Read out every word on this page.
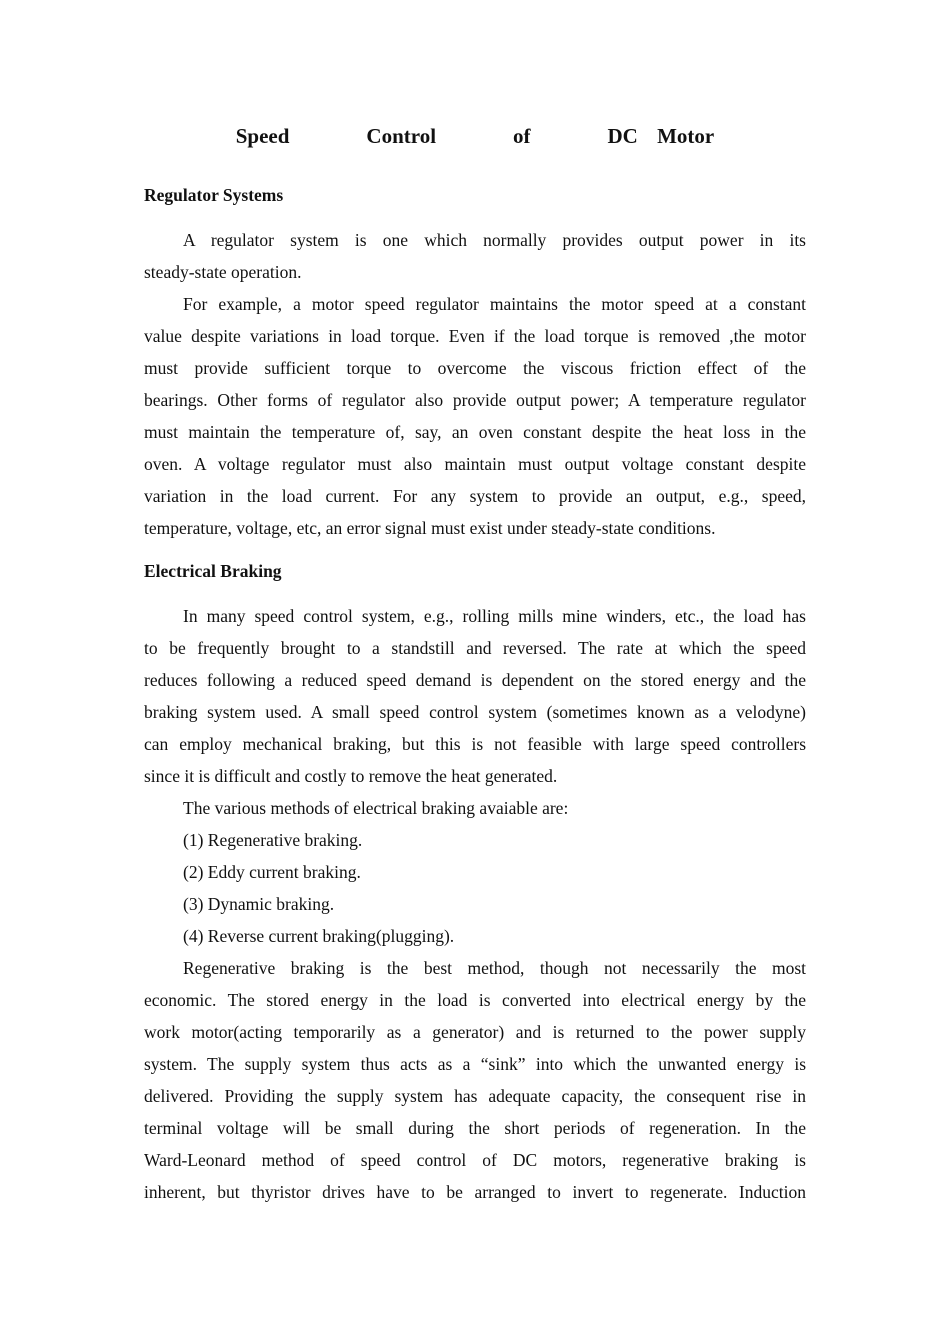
Speed    Control    of    DC Motor
Regulator Systems
A regulator system is one which normally provides output power in its
steady-state operation.
For example, a motor speed regulator maintains the motor speed at a constant
value despite variations in load torque. Even if the load torque is removed ,the motor
must provide sufficient torque to overcome the viscous friction effect of the
bearings. Other forms of regulator also provide output power; A temperature regulator
must maintain the temperature of, say, an oven constant despite the heat loss in the
oven. A voltage regulator must also maintain must output voltage constant despite
variation in the load current. For any system to provide an output, e.g., speed,
temperature, voltage, etc, an error signal must exist under steady-state conditions.
Electrical Braking
In many speed control system, e.g., rolling mills mine winders, etc., the load has
to be frequently brought to a standstill and reversed. The rate at which the speed
reduces following a reduced speed demand is dependent on the stored energy and the
braking system used. A small speed control system (sometimes known as a velodyne)
can employ mechanical braking, but this is not feasible with large speed controllers
since it is difficult and costly to remove the heat generated.
The various methods of electrical braking avaiable are:
(1) Regenerative braking.
(2) Eddy current braking.
(3) Dynamic braking.
(4) Reverse current braking(plugging).
Regenerative braking is the best method, though not necessarily the most
economic. The stored energy in the load is converted into electrical energy by the
work motor(acting temporarily as a generator) and is returned to the power supply
system. The supply system thus acts as a “sink” into which the unwanted energy is
delivered. Providing the supply system has adequate capacity, the consequent rise in
terminal voltage will be small during the short periods of regeneration. In the
Ward-Leonard method of speed control of DC motors, regenerative braking is
inherent, but thyristor drives have to be arranged to invert to regenerate. Induction
